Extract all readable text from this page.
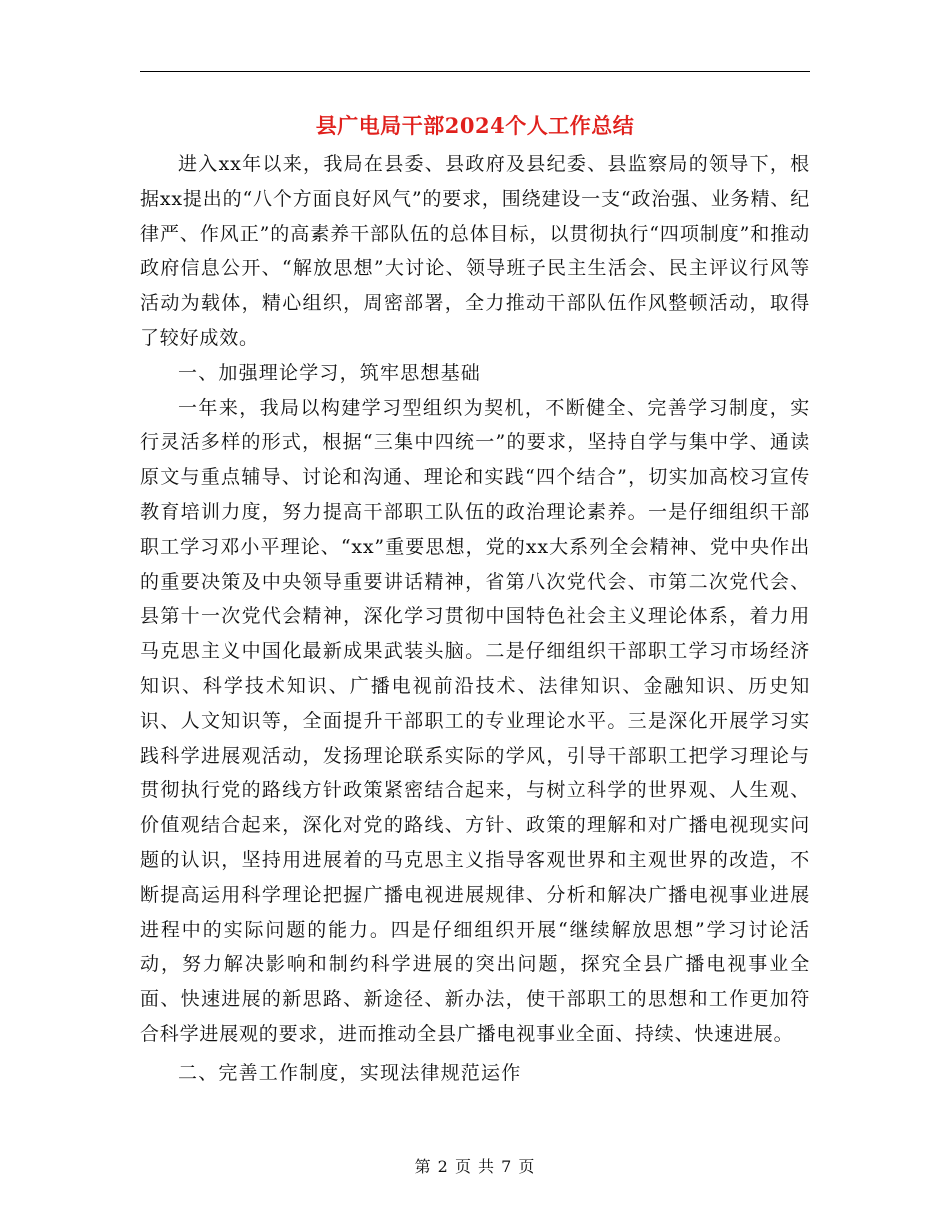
县广电局干部2024个人工作总结

进入xx年以来，我局在县委、县政府及县纪委、县监察局的领导下，根据xx提出的“八个方面良好风气”的要求，围绕建设一支“政治强、业务精、纪律严、作风正”的高素养干部队伍的总体目标，以贯彻执行“四项制度”和推动政府信息公开、“解放思想”大讨论、领导班子民主生活会、民主评议行风等活动为载体，精心组织，周密部署，全力推动干部队伍作风整顿活动，取得了较好成效。

一、加强理论学习，筑牢思想基础

一年来，我局以构建学习型组织为契机，不断健全、完善学习制度，实行灵活多样的形式，根据“三集中四统一”的要求，坚持自学与集中学、通读原文与重点辅导、讨论和沟通、理论和实践“四个结合”，切实加高校习宣传教育培训力度，努力提高干部职工队伍的政治理论素养。一是仔细组织干部职工学习邓小平理论、“xx”重要思想，党的xx大系列全会精神、党中央作出的重要决策及中央领导重要讲话精神，省第八次党代会、市第二次党代会、县第十一次党代会精神，深化学习贯彻中国特色社会主义理论体系，着力用马克思主义中国化最新成果武装头脑。二是仔细组织干部职工学习市场经济知识、科学技术知识、广播电视前沿技术、法律知识、金融知识、历史知识、人文知识等，全面提升干部职工的专业理论水平。三是深化开展学习实践科学进展观活动，发扬理论联系实际的学风，引导干部职工把学习理论与贯彻执行党的路线方针政策紧密结合起来，与树立科学的世界观、人生观、价值观结合起来，深化对党的路线、方针、政策的理解和对广播电视现实问题的认识，坚持用进展着的马克思主义指导客观世界和主观世界的改造，不断提高运用科学理论把握广播电视进展规律、分析和解决广播电视事业进展进程中的实际问题的能力。四是仔细组织开展“继续解放思想”学习讨论活动，努力解决影响和制约科学进展的突出问题，探究全县广播电视事业全面、快速进展的新思路、新途径、新办法，使干部职工的思想和工作更加符合科学进展观的要求，进而推动全县广播电视事业全面、持续、快速进展。

二、完善工作制度，实现法律规范运作

第 2 页 共 7 页
